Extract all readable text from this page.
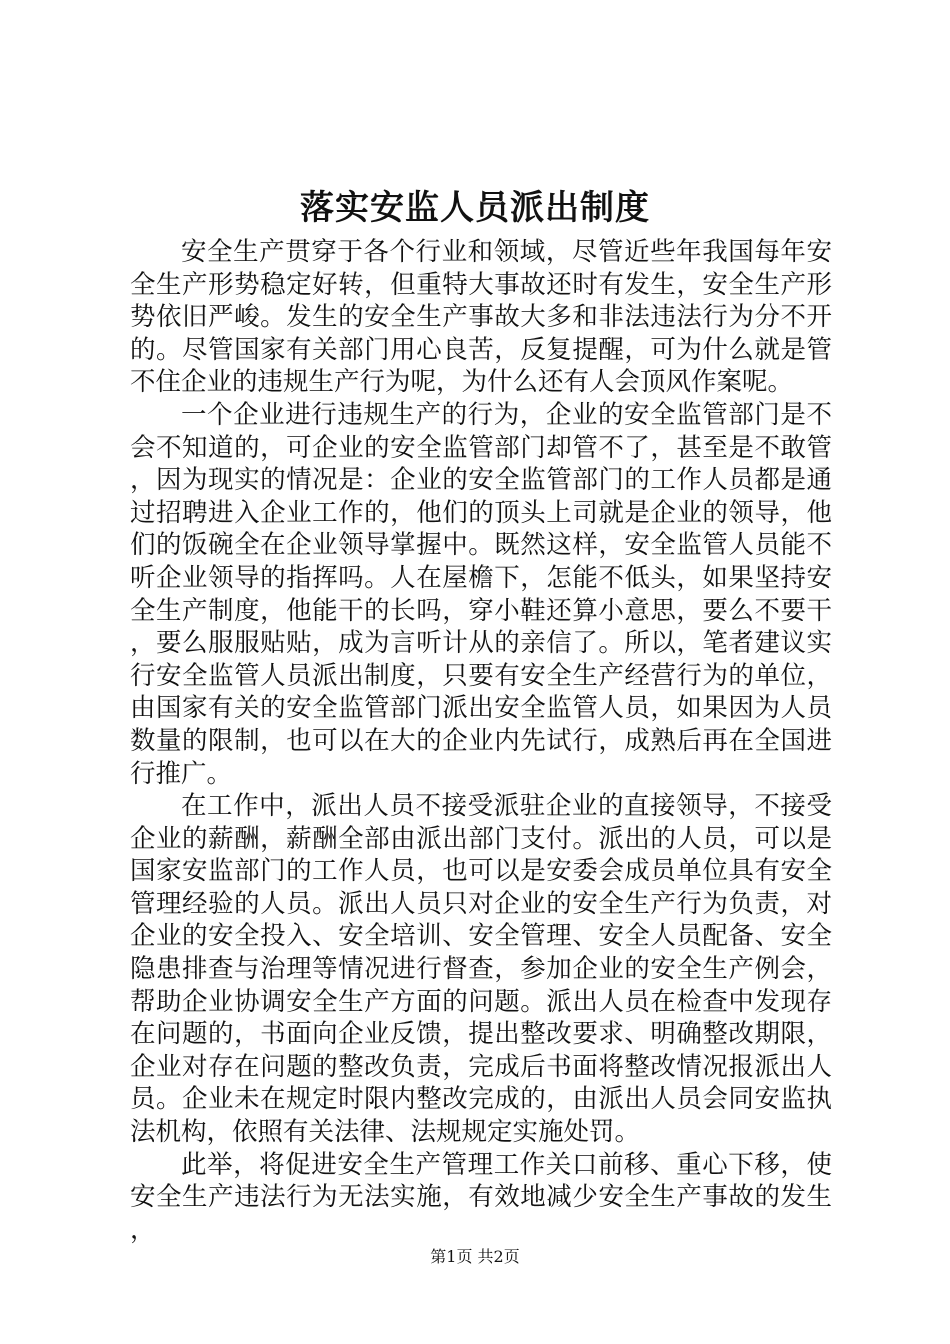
落实安监人员派出制度

安全生产贯穿于各个行业和领域，尽管近些年我国每年安全生产形势稳定好转，但重特大事故还时有发生，安全生产形势依旧严峻。发生的安全生产事故大多和非法违法行为分不开的。尽管国家有关部门用心良苦，反复提醒，可为什么就是管不住企业的违规生产行为呢，为什么还有人会顶风作案呢。

一个企业进行违规生产的行为，企业的安全监管部门是不会不知道的，可企业的安全监管部门却管不了，甚至是不敢管，因为现实的情况是：企业的安全监管部门的工作人员都是通过招聘进入企业工作的，他们的顶头上司就是企业的领导，他们的饭碗全在企业领导掌握中。既然这样，安全监管人员能不听企业领导的指挥吗。人在屋檐下，怎能不低头，如果坚持安全生产制度，他能干的长吗，穿小鞋还算小意思，要么不要干，要么服服贴贴，成为言听计从的亲信了。所以，笔者建议实行安全监管人员派出制度，只要有安全生产经营行为的单位，由国家有关的安全监管部门派出安全监管人员，如果因为人员数量的限制，也可以在大的企业内先试行，成熟后再在全国进行推广。

在工作中，派出人员不接受派驻企业的直接领导，不接受企业的薪酬，薪酬全部由派出部门支付。派出的人员，可以是国家安监部门的工作人员，也可以是安委会成员单位具有安全管理经验的人员。派出人员只对企业的安全生产行为负责，对企业的安全投入、安全培训、安全管理、安全人员配备、安全隐患排查与治理等情况进行督查，参加企业的安全生产例会，帮助企业协调安全生产方面的问题。派出人员在检查中发现存在问题的，书面向企业反馈，提出整改要求、明确整改期限，企业对存在问题的整改负责，完成后书面将整改情况报派出人员。企业未在规定时限内整改完成的，由派出人员会同安监执法机构，依照有关法律、法规规定实施处罚。

此举，将促进安全生产管理工作关口前移、重心下移，使安全生产违法行为无法实施，有效地减少安全生产事故的发生，

第1页 共2页
